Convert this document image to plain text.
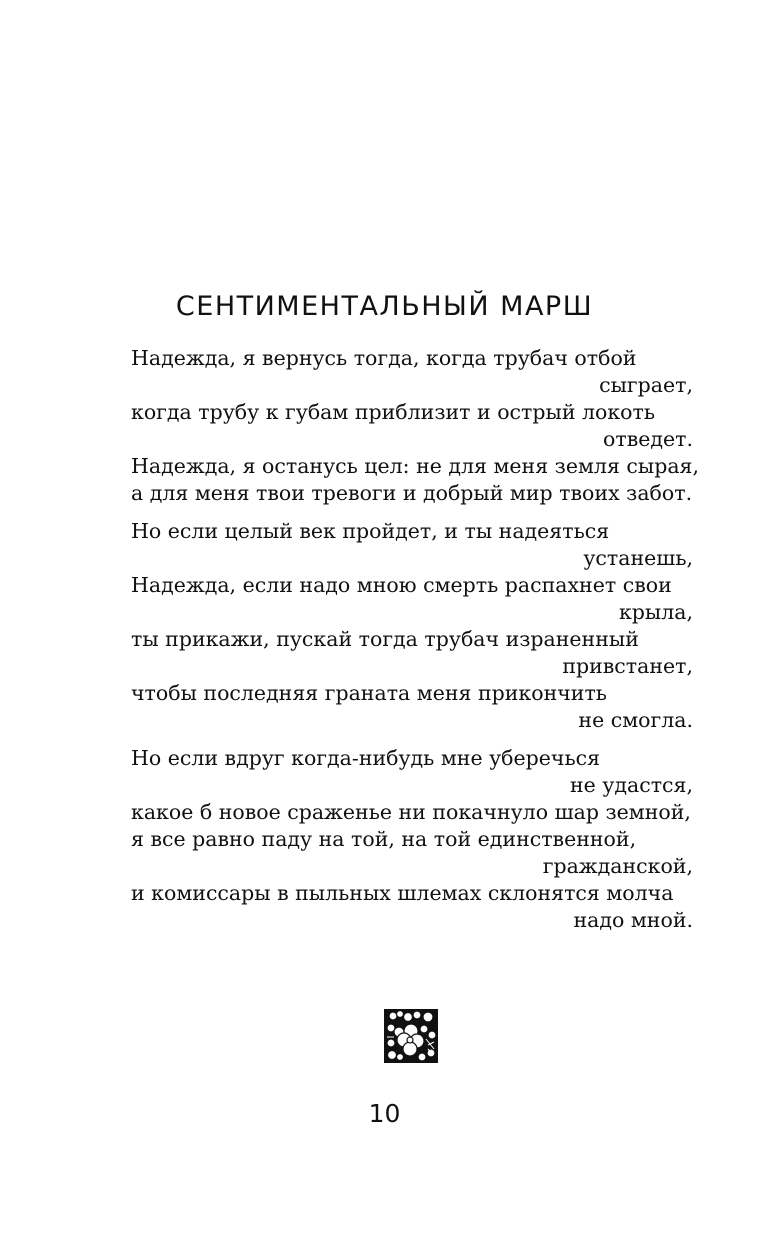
СЕНТИМЕНТАЛЬНЫЙ МАРШ
Надежда, я вернусь тогда, когда трубач отбой
сыграет,
когда трубу к губам приблизит и острый локоть
отведет.
Надежда, я останусь цел: не для меня земля сырая,
а для меня твои тревоги и добрый мир твоих забот.
Но если целый век пройдет, и ты надеяться
устанешь,
Надежда, если надо мною смерть распахнет свои
крыла,
ты прикажи, пускай тогда трубач израненный
привстанет,
чтобы последняя граната меня прикончить
не смогла.
Но если вдруг когда-нибудь мне уберечься
не удастся,
какое б новое сраженье ни покачнуло шар земной,
я все равно паду на той, на той единственной,
гражданской,
и комиссары в пыльных шлемах склонятся молча
надо мной.
10
